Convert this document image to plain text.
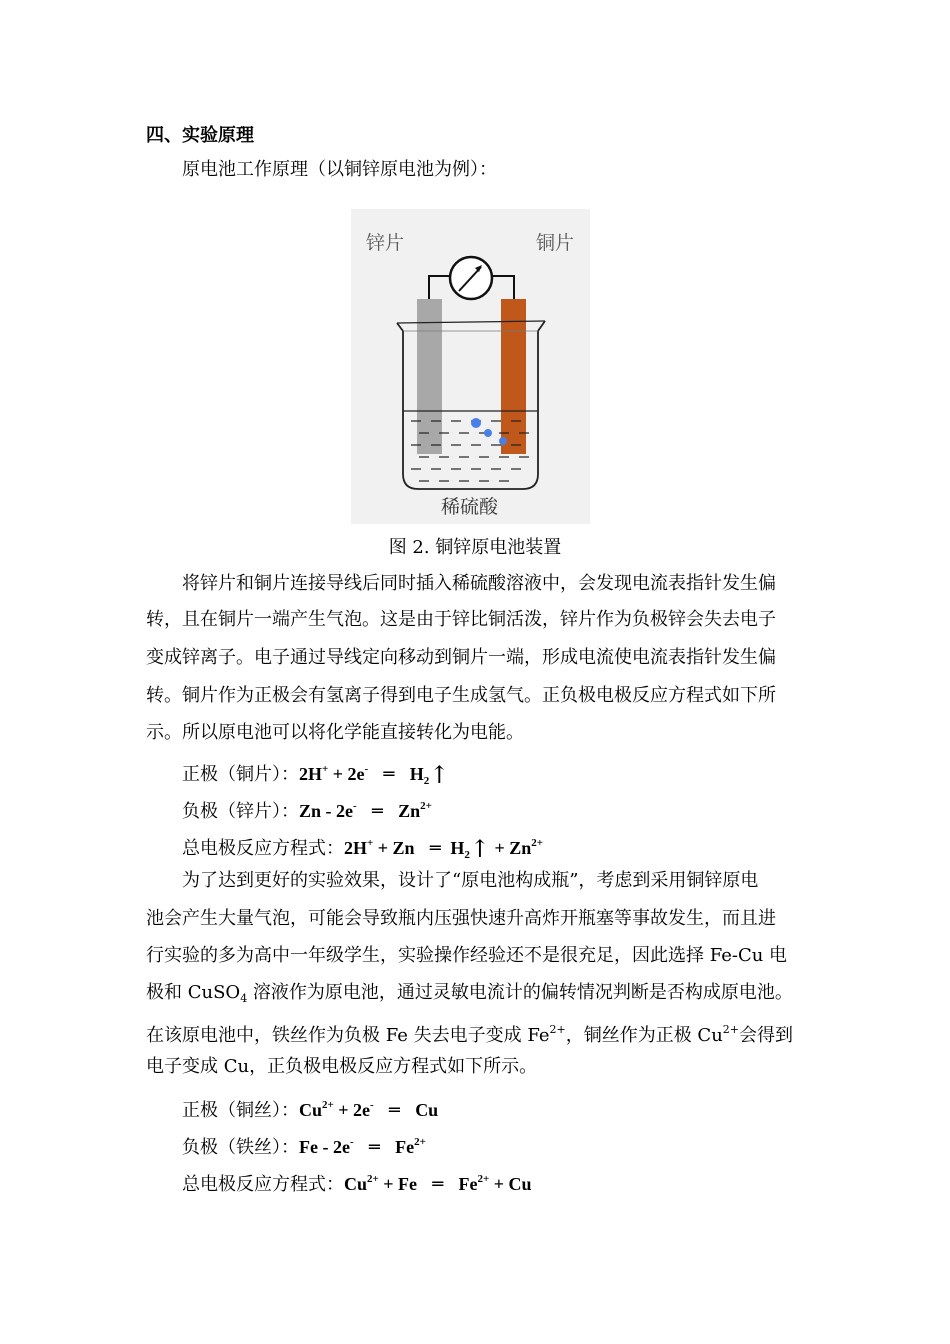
四、实验原理
原电池工作原理（以铜锌原电池为例）：
锌片	铜片
稀硫酸
图 2. 铜锌原电池装置
将锌片和铜片连接导线后同时插入稀硫酸溶液中，会发现电流表指针发生偏
转，且在铜片一端产生气泡。这是由于锌比铜活泼，锌片作为负极锌会失去电子
变成锌离子。电子通过导线定向移动到铜片一端，形成电流使电流表指针发生偏
转。铜片作为正极会有氢离子得到电子生成氢气。正负极电极反应方程式如下所
示。所以原电池可以将化学能直接转化为电能。
正极（铜片）：2H+ + 2e- ═ $H_2↑$
负极（锌片）：Zn - 2e- ═ $Zn^{2+}$
总电极反应方程式：2H+ + Zn ═ $H_2↑ + Zn^{2+}$
为了达到更好的实验效果，设计了“原电池构成瓶”，考虑到采用铜锌原电
池会产生大量气泡，可能会导致瓶内压强快速升高炸开瓶塞等事故发生，而且进
行实验的多为高中一年级学生，实验操作经验还不是很充足，因此选择 Fe-Cu 电
极和 CuSO$_4$ 溶液作为原电池，通过灵敏电流计的偏转情况判断是否构成原电池。
在该原电池中，铁丝作为负极 Fe 失去电子变成 $Fe^{2+}$，铜丝作为正极 $Cu^{2+}$会得到
电子变成 Cu，正负极电极反应方程式如下所示。
正极（铜丝）：$Cu^{2+} + 2e^-$ ═ Cu
负极（铁丝）：Fe - 2e- ═ $Fe^{2+}$
总电极反应方程式：$Cu^{2+} + Fe$ ═ $Fe^{2+} + Cu$
